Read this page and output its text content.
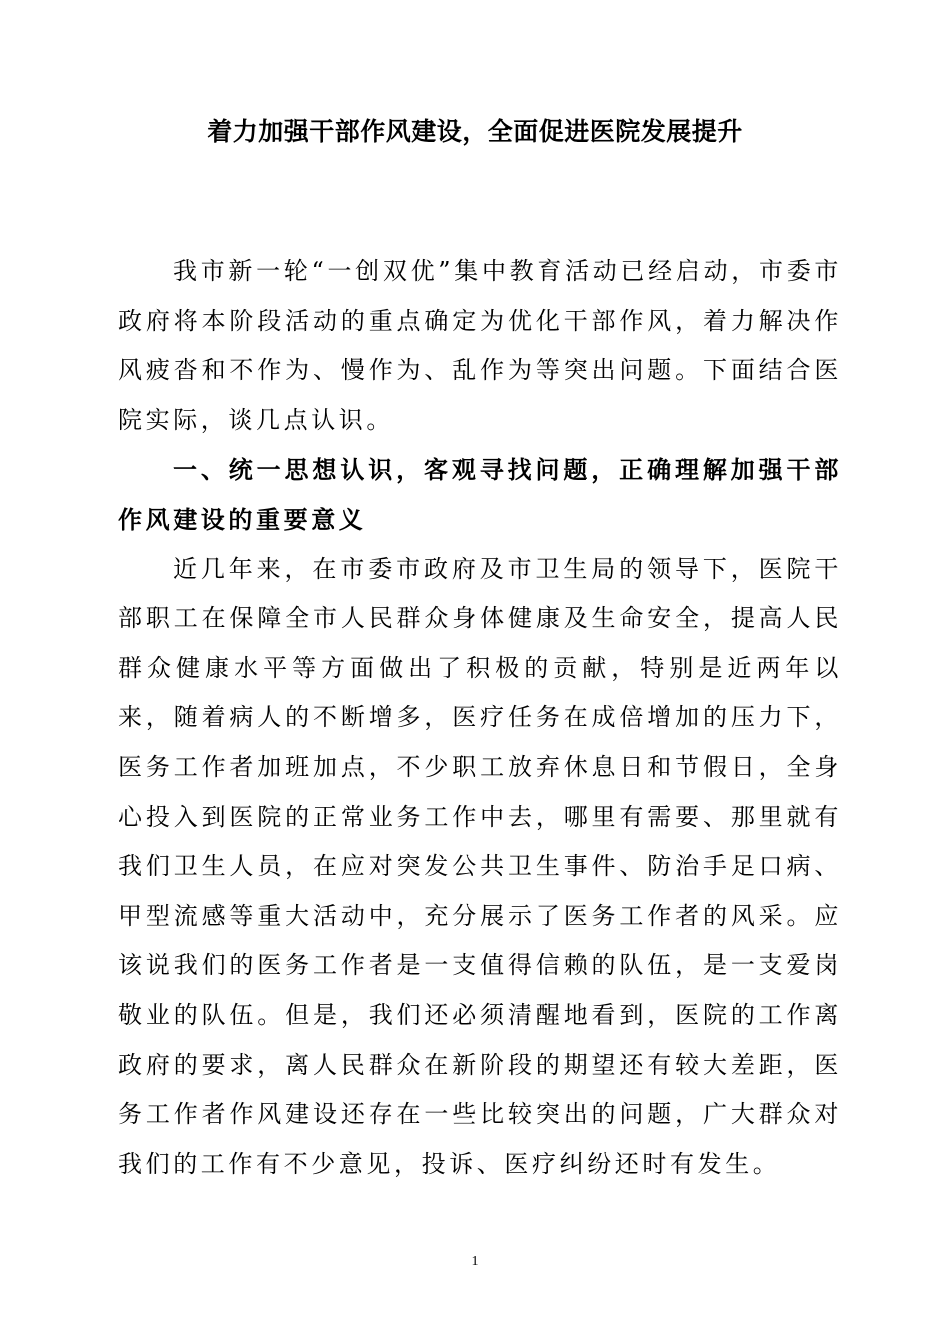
着力加强干部作风建设，全面促进医院发展提升

我市新一轮“一创双优”集中教育活动已经启动，市委市政府将本阶段活动的重点确定为优化干部作风，着力解决作风疲沓和不作为、慢作为、乱作为等突出问题。下面结合医院实际，谈几点认识。

一、统一思想认识，客观寻找问题，正确理解加强干部作风建设的重要意义

近几年来，在市委市政府及市卫生局的领导下，医院干部职工在保障全市人民群众身体健康及生命安全，提高人民群众健康水平等方面做出了积极的贡献，特别是近两年以来，随着病人的不断增多，医疗任务在成倍增加的压力下，医务工作者加班加点，不少职工放弃休息日和节假日，全身心投入到医院的正常业务工作中去，哪里有需要、那里就有我们卫生人员，在应对突发公共卫生事件、防治手足口病、甲型流感等重大活动中，充分展示了医务工作者的风采。应该说我们的医务工作者是一支值得信赖的队伍，是一支爱岗敬业的队伍。但是，我们还必须清醒地看到，医院的工作离政府的要求，离人民群众在新阶段的期望还有较大差距，医务工作者作风建设还存在一些比较突出的问题，广大群众对我们的工作有不少意见，投诉、医疗纠纷还时有发生。

1
